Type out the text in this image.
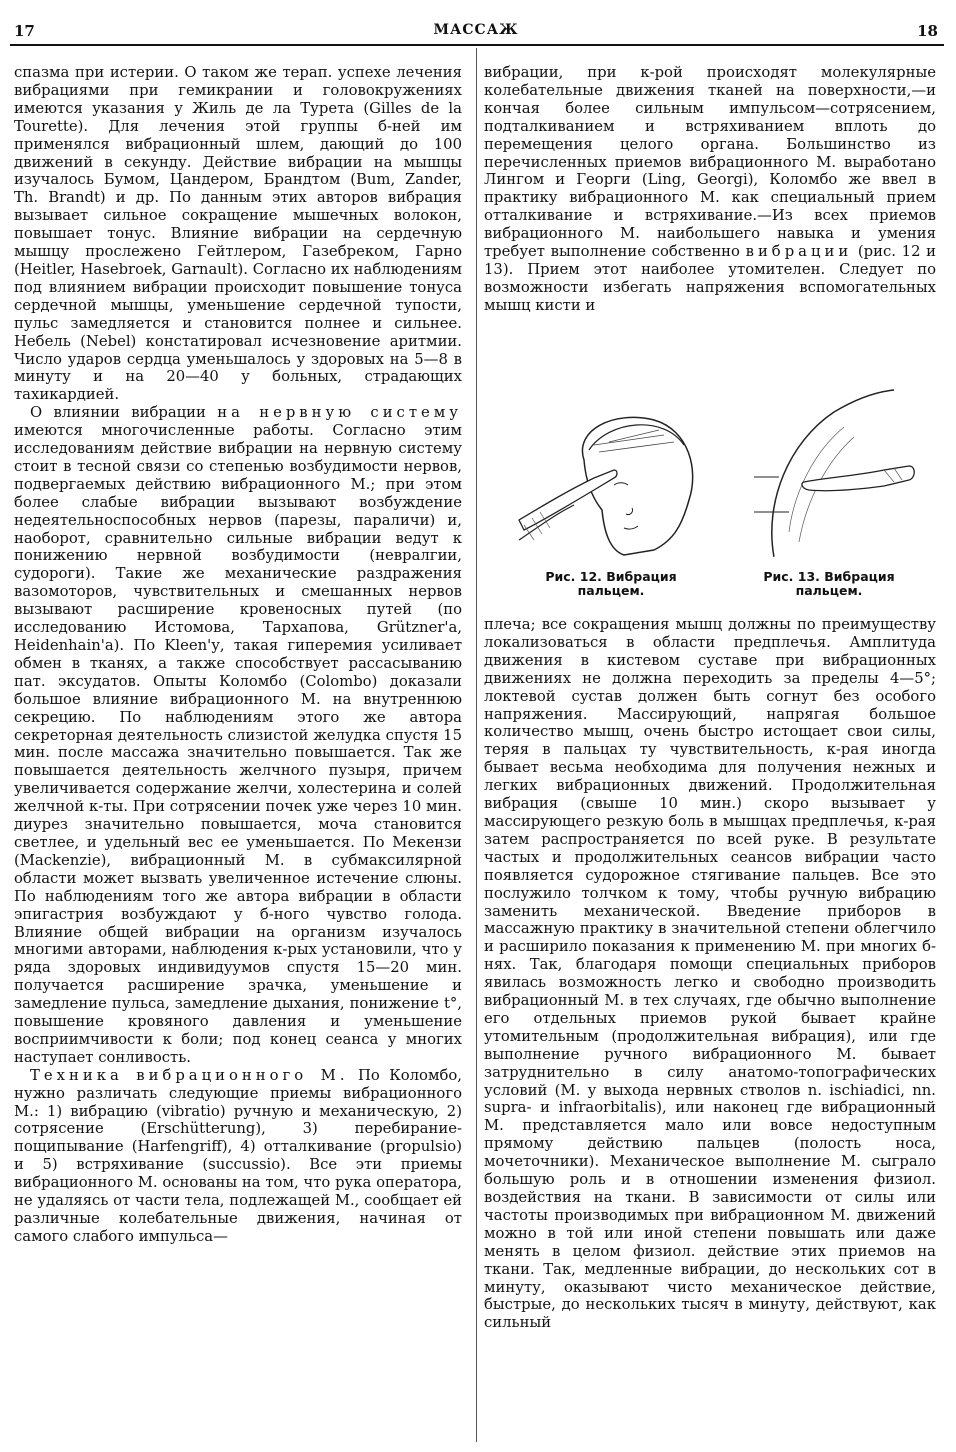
17	МАССАЖ	18

спазма при истерии. О таком же терап. успехе лечения вибрациями при гемикрании и головокружениях имеются указания у Жиль де ла Турета (Gilles de la Tourette). Для лечения этой группы б-ней им применялся вибрационный шлем, дающий до 100 движений в секунду. Действие вибрации на мышцы изучалось Бумом, Цандером, Брандтом (Bum, Zander, Th. Brandt) и др. По данным этих авторов вибрация вызывает сильное сокращение мышечных волокон, повышает тонус. Влияние вибрации на сердечную мышцу прослежено Гейтлером, Газебреком, Гарно (Heitler, Hasebroek, Garnault). Согласно их наблюдениям под влиянием вибрации происходит повышение тонуса сердечной мышцы, уменьшение сердечной тупости, пульс замедляется и становится полнее и сильнее. Небель (Nebel) констатировал исчезновение аритмии. Число ударов сердца уменьшалось у здоровых на 5—8 в минуту и на 20—40 у больных, страдающих тахикардией.

О влиянии вибрации на нервную систему имеются многочисленные работы. Согласно этим исследованиям действие вибрации на нервную систему стоит в тесной связи со степенью возбудимости нервов, подвергаемых действию вибрационного М.; при этом более слабые вибрации вызывают возбуждение недеятельноспособных нервов (парезы, параличи) и, наоборот, сравнительно сильные вибрации ведут к понижению нервной возбудимости (невралгии, судороги). Такие же механические раздражения вазомоторов, чувствительных и смешанных нервов вызывают расширение кровеносных путей (по исследованию Истомова, Тархапова, Grützner'a, Heidenhain'a). По Kleen'у, такая гиперемия усиливает обмен в тканях, а также способствует рассасыванию пат. эксудатов. Опыты Коломбо (Colombo) доказали большое влияние вибрационного М. на внутреннюю секрецию. По наблюдениям этого же автора секреторная деятельность слизистой желудка спустя 15 мин. после массажа значительно повышается. Так же повышается деятельность желчного пузыря, причем увеличивается содержание желчи, холестерина и солей желчной к-ты. При сотрясении почек уже через 10 мин. диурез значительно повышается, моча становится светлее, и удельный вес ее уменьшается. По Мекензи (Mackenzie), вибрационный М. в субмаксилярной области может вызвать увеличенное истечение слюны. По наблюдениям того же автора вибрации в области эпигастрия возбуждают у б-ного чувство голода. Влияние общей вибрации на организм изучалось многими авторами, наблюдения к-рых установили, что у ряда здоровых индивидуумов спустя 15—20 мин. получается расширение зрачка, уменьшение и замедление пульса, замедление дыхания, понижение t°, повышение кровяного давления и уменьшение восприимчивости к боли; под конец сеанса у многих наступает сонливость.

Техника вибрационного М. По Коломбо, нужно различать следующие приемы вибрационного М.: 1) вибрацию (vibratio) ручную и механическую, 2) сотрясение (Erschütterung), 3) перебирание-пощипывание (Harfengriff), 4) отталкивание (propulsio) и 5) встряхивание (succussio). Все эти приемы вибрационного М. основаны на том, что рука оператора, не удаляясь от части тела, подлежащей М., сообщает ей различные колебательные движения, начиная от самого слабого импульса—

вибрации, при к-рой происходят молекулярные колебательные движения тканей на поверхности,—и кончая более сильным импульсом—сотрясением, подталкиванием и встряхиванием вплоть до перемещения целого органа. Большинство из перечисленных приемов вибрационного М. выработано Лингом и Георги (Ling, Georgi), Коломбо же ввел в практику вибрационного М. как специальный прием отталкивание и встряхивание.—Из всех приемов вибрационного М. наибольшего навыка и умения требует выполнение собственно вибрации (рис. 12 и 13). Прием этот наиболее утомителен. Следует по возможности избегать напряжения вспомогательных мышц кисти и

Рис. 12. Вибрация
пальцем.
Рис. 13. Вибрация
пальцем.

плеча; все сокращения мышц должны по преимуществу локализоваться в области предплечья. Амплитуда движения в кистевом суставе при вибрационных движениях не должна переходить за пределы 4—5°; локтевой сустав должен быть согнут без особого напряжения. Массирующий, напрягая большое количество мышц, очень быстро истощает свои силы, теряя в пальцах ту чувствительность, к-рая иногда бывает весьма необходима для получения нежных и легких вибрационных движений. Продолжительная вибрация (свыше 10 мин.) скоро вызывает у массирующего резкую боль в мышцах предплечья, к-рая затем распространяется по всей руке. В результате частых и продолжительных сеансов вибрации часто появляется судорожное стягивание пальцев. Все это послужило толчком к тому, чтобы ручную вибрацию заменить механической. Введение приборов в массажную практику в значительной степени облегчило и расширило показания к применению М. при многих б-нях. Так, благодаря помощи специальных приборов явилась возможность легко и свободно производить вибрационный М. в тех случаях, где обычно выполнение его отдельных приемов рукой бывает крайне утомительным (продолжительная вибрация), или где выполнение ручного вибрационного М. бывает затруднительно в силу анатомо-топографических условий (М. у выхода нервных стволов n. ischiadici, nn. supra- и infraorbitalis), или наконец где вибрационный М. представляется мало или вовсе недоступным прямому действию пальцев (полость носа, мочеточники). Механическое выполнение М. сыграло большую роль и в отношении изменения физиол. воздействия на ткани. В зависимости от силы или частоты производимых при вибрационном М. движений можно в той или иной степени повышать или даже менять в целом физиол. действие этих приемов на ткани. Так, медленные вибрации, до нескольких сот в минуту, оказывают чисто механическое действие, быстрые, до нескольких тысяч в минуту, действуют, как сильный
